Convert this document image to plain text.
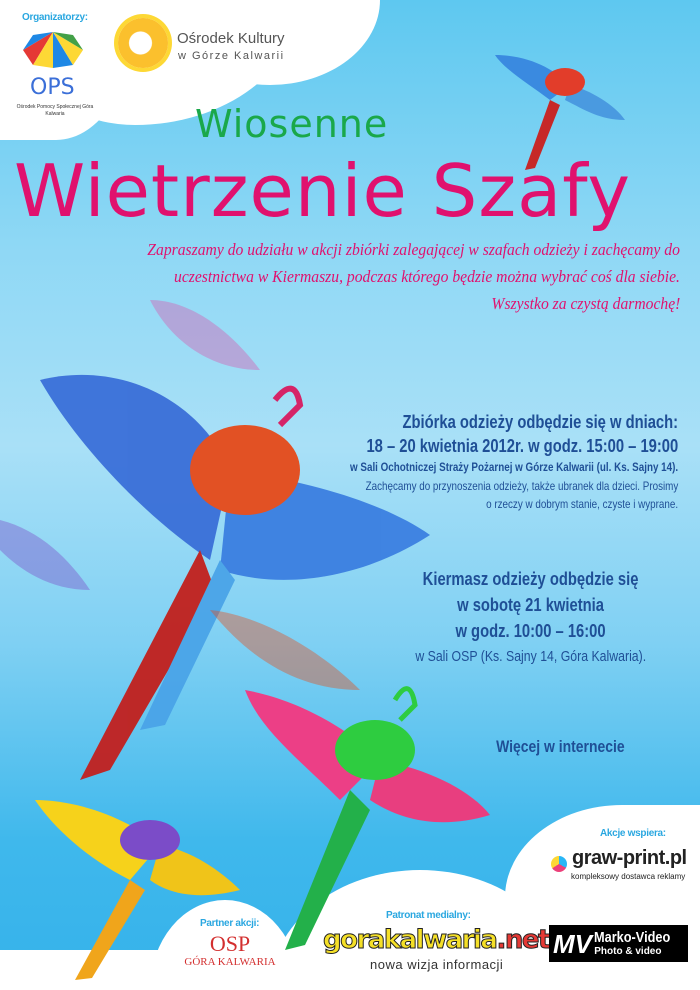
Organizatorzy:
OPS
Ośrodek Pomocy Społecznej Góra Kalwaria
Ośrodek Kultury
w Górze Kalwarii
Wiosenne
Wietrzenie Szafy
Zapraszamy do udziału w akcji zbiórki zalegającej w szafach odzieży i zachęcamy do
uczestnictwa w Kiermaszu, podczas którego będzie można wybrać coś dla siebie.
Wszystko za czystą darmochę!
Zbiórka odzieży odbędzie się w dniach:
18 – 20 kwietnia 2012r. w godz. 15:00 – 19:00
w Sali Ochotniczej Straży Pożarnej w Górze Kalwarii (ul. Ks. Sajny 14).
Zachęcamy do przynoszenia odzieży, także ubranek dla dzieci. Prosimy
o rzeczy w dobrym stanie, czyste i wyprane.
Kiermasz odzieży odbędzie się
w sobotę 21 kwietnia
w godz. 10:00 – 16:00
w Sali OSP (Ks. Sajny 14, Góra Kalwaria).
Więcej w internecie
Partner akcji:
OSP
GÓRA KALWARIA
Patronat medialny:
gorakalwaria.net
nowa wizja informacji
Akcje wspiera:
graw-print.pl
kompleksowy dostawca reklamy
MV Marko-Video
Photo & video
